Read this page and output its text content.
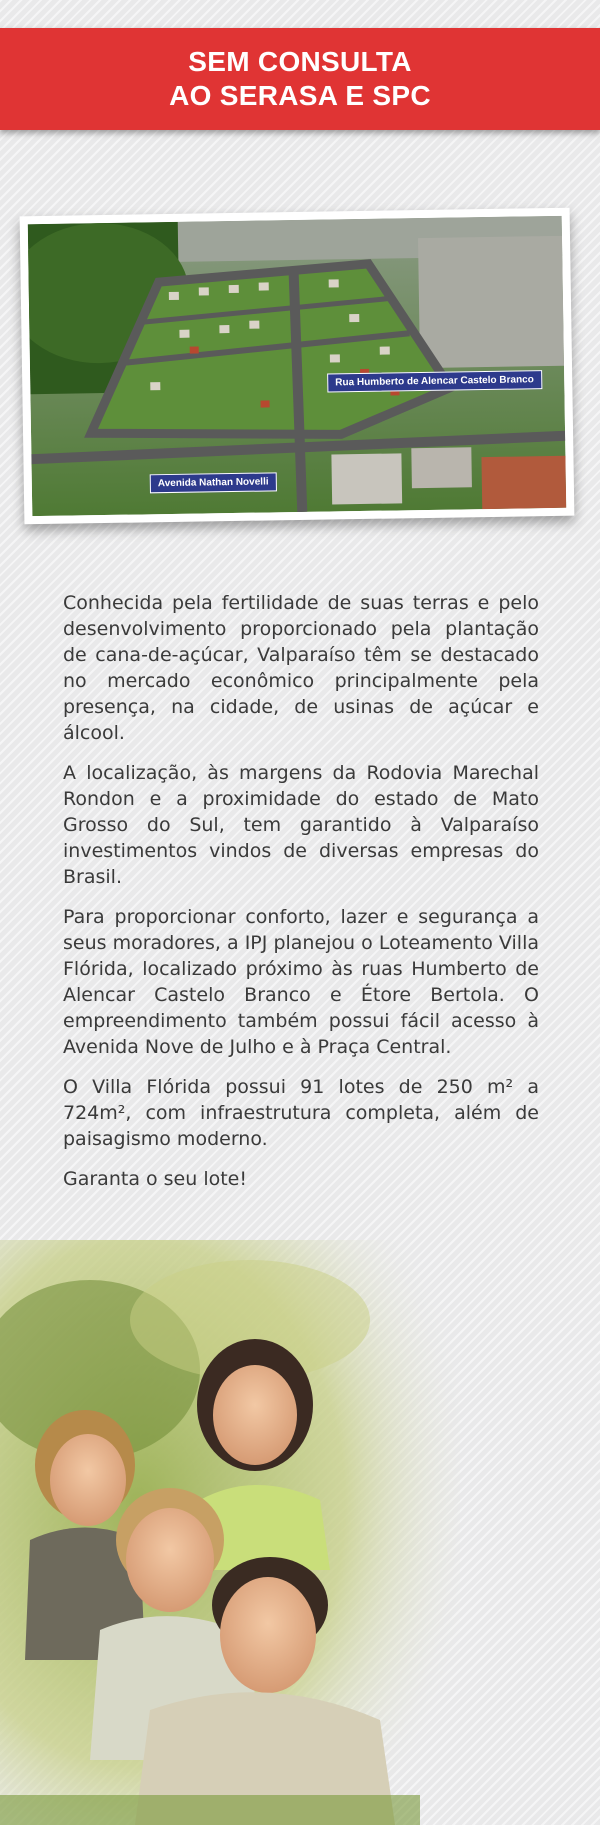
SEM CONSULTA
AO SERASA E SPC
Rua Humberto de Alencar Castelo Branco
Avenida Nathan Novelli

Conhecida pela fertilidade de suas terras e pelo desenvolvimento proporcionado pela plantação de cana-de-açúcar, Valparaíso têm se destacado no mercado econômico principalmente pela presença, na cidade, de usinas de açúcar e álcool.

A localização, às margens da Rodovia Marechal Rondon e a proximidade do estado de Mato Grosso do Sul, tem garantido à Valparaíso investimentos vindos de diversas empresas do Brasil.

Para proporcionar conforto, lazer e segurança a seus moradores, a IPJ planejou o Loteamento Villa Flórida, localizado próximo às ruas Humberto de Alencar Castelo Branco e Étore Bertola. O empreendimento também possui fácil acesso à Avenida Nove de Julho e à Praça Central.

O Villa Flórida possui 91 lotes de 250 m² a 724m², com infraestrutura completa, além de paisagismo moderno.

Garanta o seu lote!
